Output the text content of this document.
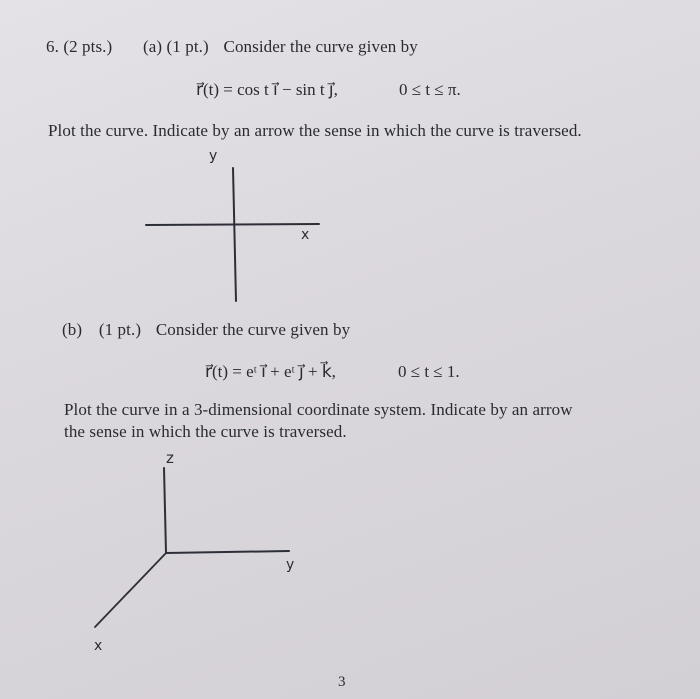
6. (2 pts.) (a) (1 pt.) Consider the curve given by
r⃗(t) = cos t ı⃗ − sin t ȷ⃗,	0 ≤ t ≤ π.
Plot the curve. Indicate by an arrow the sense in which the curve is traversed.
y
x
(b) (1 pt.) Consider the curve given by
r⃗(t) = eᵗ ı⃗ + eᵗ ȷ⃗ + k⃗,	0 ≤ t ≤ 1.
Plot the curve in a 3-dimensional coordinate system. Indicate by an arrow
the sense in which the curve is traversed.
z
y
x
3
